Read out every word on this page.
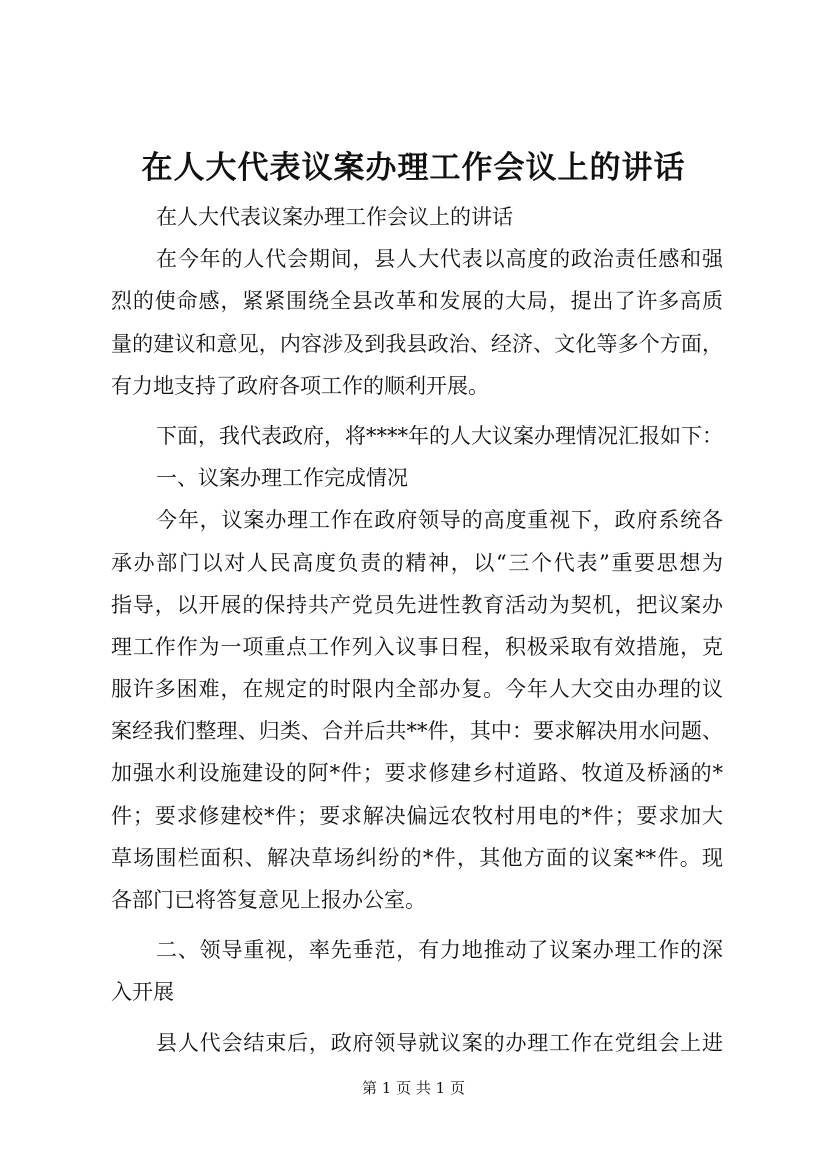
在人大代表议案办理工作会议上的讲话
在人大代表议案办理工作会议上的讲话
在今年的人代会期间，县人大代表以高度的政治责任感和强
烈的使命感，紧紧围绕全县改革和发展的大局，提出了许多高质
量的建议和意见，内容涉及到我县政治、经济、文化等多个方面，
有力地支持了政府各项工作的顺利开展。
下面，我代表政府，将****年的人大议案办理情况汇报如下：
一、议案办理工作完成情况
今年，议案办理工作在政府领导的高度重视下，政府系统各
承办部门以对人民高度负责的精神，以“三个代表”重要思想为
指导，以开展的保持共产党员先进性教育活动为契机，把议案办
理工作作为一项重点工作列入议事日程，积极采取有效措施，克
服许多困难，在规定的时限内全部办复。今年人大交由办理的议
案经我们整理、归类、合并后共**件，其中：要求解决用水问题、
加强水利设施建设的阿*件；要求修建乡村道路、牧道及桥涵的*
件；要求修建校*件；要求解决偏远农牧村用电的*件；要求加大
草场围栏面积、解决草场纠纷的*件，其他方面的议案**件。现
各部门已将答复意见上报办公室。
二、领导重视，率先垂范，有力地推动了议案办理工作的深
入开展
县人代会结束后，政府领导就议案的办理工作在党组会上进
第 1 页 共 1 页
